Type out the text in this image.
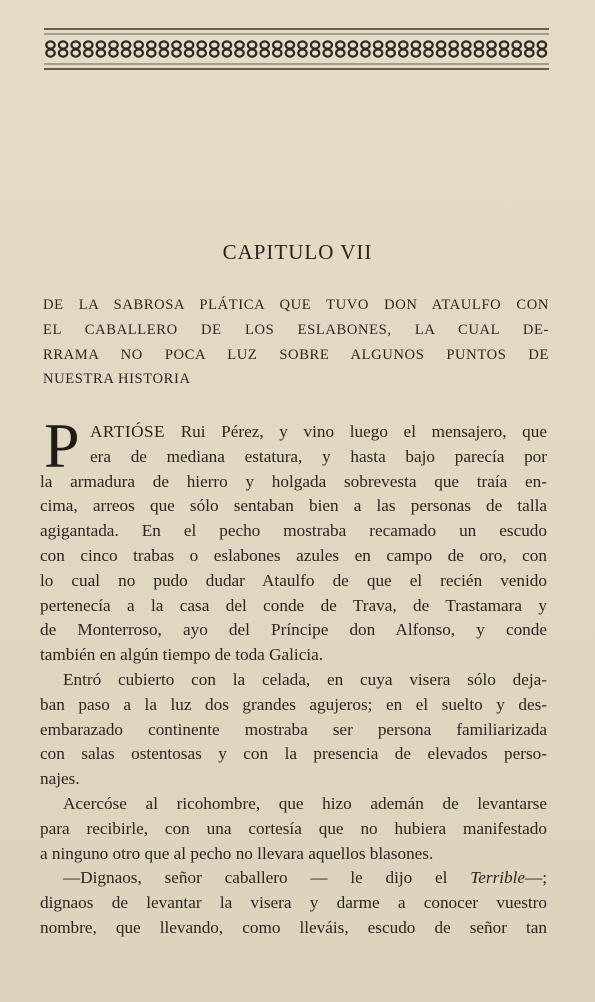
CAPITULO VII
DE LA SABROSA PLÁTICA QUE TUVO DON ATAULFO CON
EL CABALLERO DE LOS ESLABONES, LA CUAL DE-
RRAMA NO POCA LUZ SOBRE ALGUNOS PUNTOS DE
NUESTRA HISTORIA
P ARTIÓSE Rui Pérez, y vino luego el mensajero, que
era de mediana estatura, y hasta bajo parecía por
la armadura de hierro y holgada sobrevesta que traía en-
cima, arreos que sólo sentaban bien a las personas de talla
agigantada. En el pecho mostraba recamado un escudo
con cinco trabas o eslabones azules en campo de oro, con
lo cual no pudo dudar Ataulfo de que el recién venido
pertenecía a la casa del conde de Trava, de Trastamara y
de Monterroso, ayo del Príncipe don Alfonso, y conde
también en algún tiempo de toda Galicia.
Entró cubierto con la celada, en cuya visera sólo deja-
ban paso a la luz dos grandes agujeros; en el suelto y des-
embarazado continente mostraba ser persona familiarizada
con salas ostentosas y con la presencia de elevados perso-
najes.
Acercóse al ricohombre, que hizo ademán de levantarse
para recibirle, con una cortesía que no hubiera manifestado
a ninguno otro que al pecho no llevara aquellos blasones.
—Dignaos, señor caballero — le dijo el Terrible—;
dignaos de levantar la visera y darme a conocer vuestro
nombre, que llevando, como lleváis, escudo de señor tan
